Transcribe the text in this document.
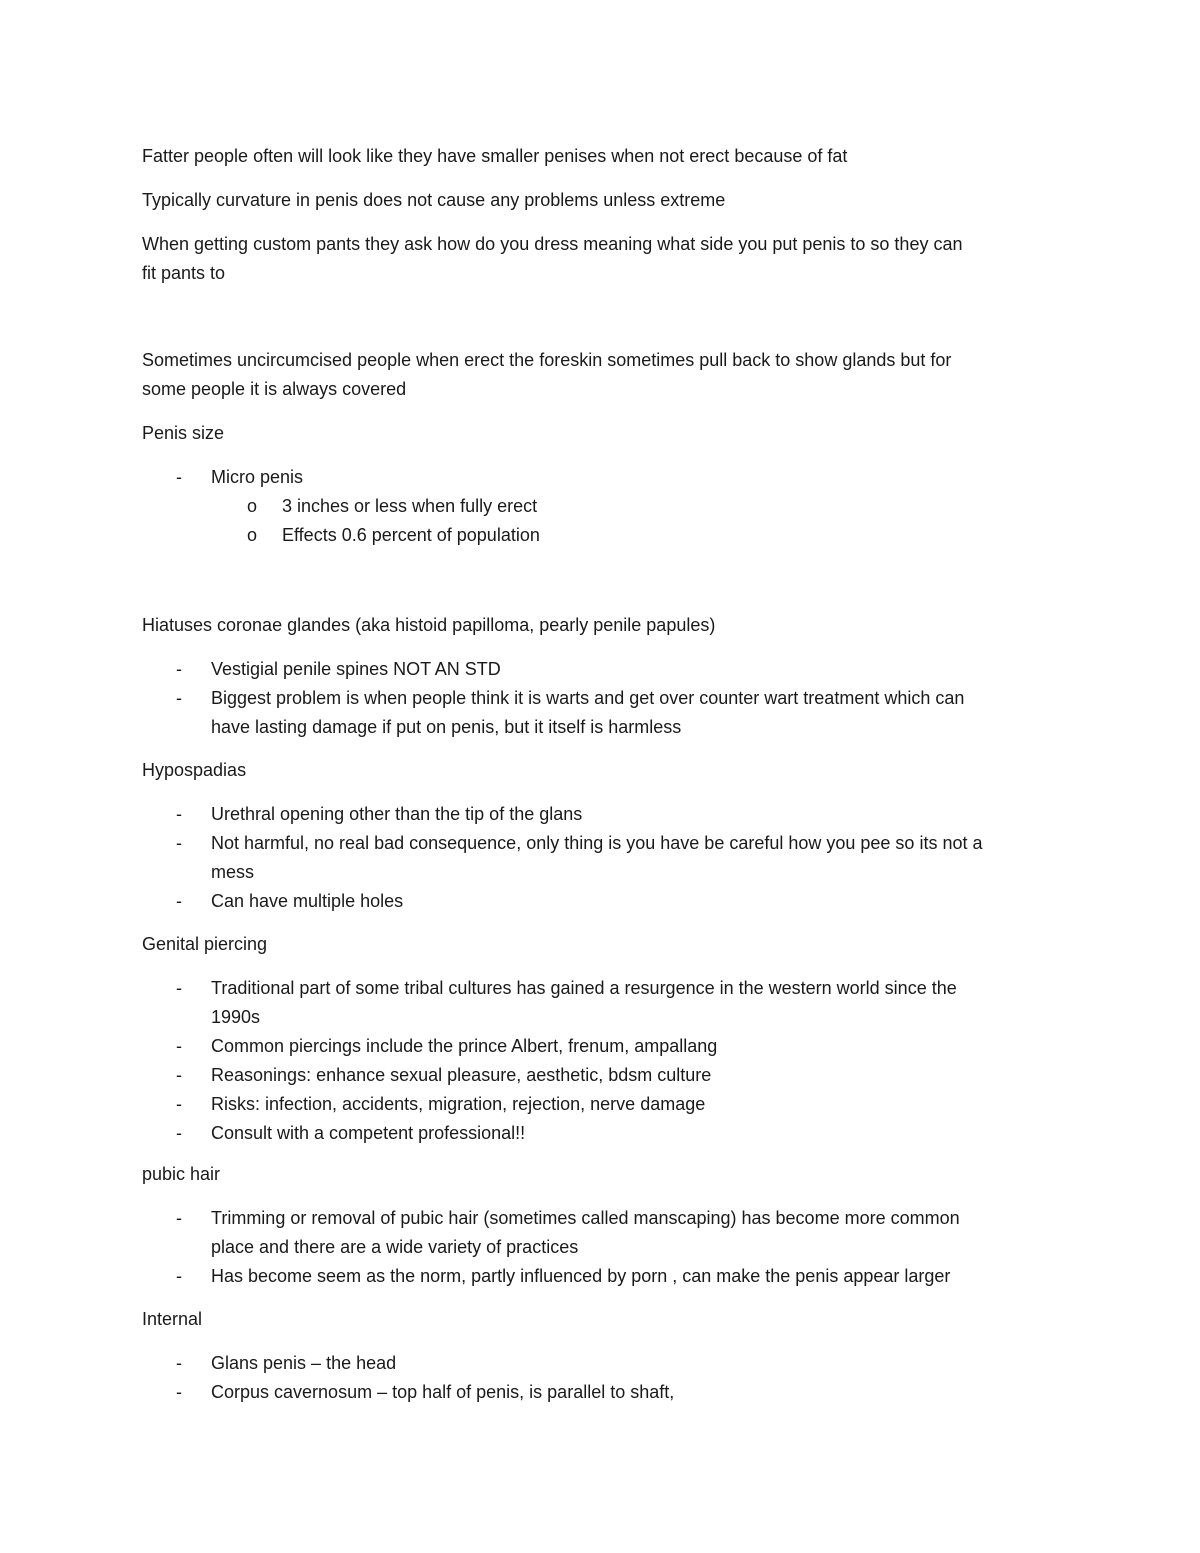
Fatter people often will look like they have smaller penises when not erect because of fat

Typically curvature in penis does not cause any problems unless extreme

When getting custom pants they ask how do you dress meaning what side you put penis to so they can

fit pants to

Sometimes uncircumcised people when erect the foreskin sometimes pull back to show glands but for

some people it is always covered

Penis size

- Micro penis
o 3 inches or less when fully erect
o Effects 0.6 percent of population

Hiatuses coronae glandes (aka histoid papilloma, pearly penile papules)

- Vestigial penile spines NOT AN STD
- Biggest problem is when people think it is warts and get over counter wart treatment which can
have lasting damage if put on penis, but it itself is harmless

Hypospadias

- Urethral opening other than the tip of the glans
- Not harmful, no real bad consequence, only thing is you have be careful how you pee so its not a
mess
- Can have multiple holes

Genital piercing

- Traditional part of some tribal cultures has gained a resurgence in the western world since the
1990s
- Common piercings include the prince Albert, frenum, ampallang
- Reasonings: enhance sexual pleasure, aesthetic, bdsm culture
- Risks: infection, accidents, migration, rejection, nerve damage
- Consult with a competent professional!!

pubic hair

- Trimming or removal of pubic hair (sometimes called manscaping) has become more common
place and there are a wide variety of practices
- Has become seem as the norm, partly influenced by porn , can make the penis appear larger

Internal

- Glans penis – the head
- Corpus cavernosum – top half of penis, is parallel to shaft,
